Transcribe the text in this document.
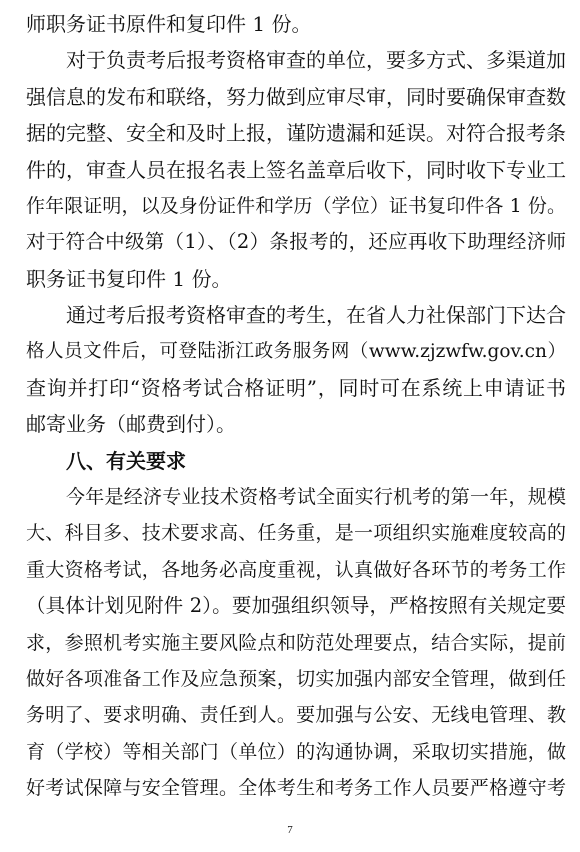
师职务证书原件和复印件 1 份。
对于负责考后报考资格审查的单位，要多方式、多渠道加
强信息的发布和联络，努力做到应审尽审，同时要确保审查数
据的完整、安全和及时上报，谨防遗漏和延误。对符合报考条
件的，审查人员在报名表上签名盖章后收下，同时收下专业工
作年限证明，以及身份证件和学历（学位）证书复印件各 1 份。
对于符合中级第（1）、（2）条报考的，还应再收下助理经济师
职务证书复印件 1 份。
通过考后报考资格审查的考生，在省人力社保部门下达合
格人员文件后，可登陆浙江政务服务网（www.zjzwfw.gov.cn）
查询并打印“资格考试合格证明”，同时可在系统上申请证书
邮寄业务（邮费到付）。
八、有关要求
今年是经济专业技术资格考试全面实行机考的第一年，规模
大、科目多、技术要求高、任务重，是一项组织实施难度较高的
重大资格考试，各地务必高度重视，认真做好各环节的考务工作
（具体计划见附件 2）。要加强组织领导，严格按照有关规定要
求，参照机考实施主要风险点和防范处理要点，结合实际，提前
做好各项准备工作及应急预案，切实加强内部安全管理，做到任
务明了、要求明确、责任到人。要加强与公安、无线电管理、教
育（学校）等相关部门（单位）的沟通协调，采取切实措施，做
好考试保障与安全管理。全体考生和考务工作人员要严格遵守考
7
